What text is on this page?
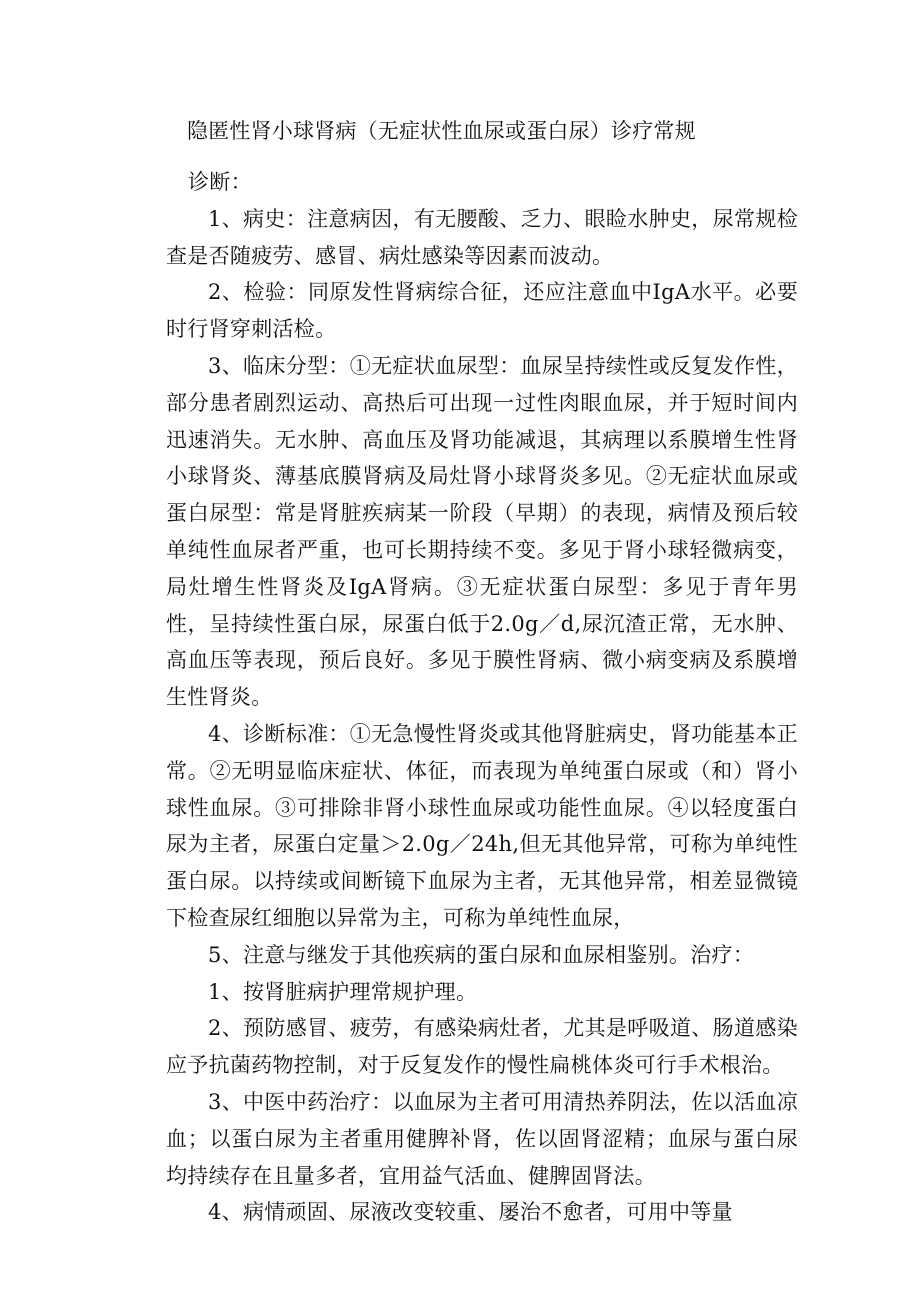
隐匿性肾小球肾病（无症状性血尿或蛋白尿）诊疗常规

诊断：

1、病史：注意病因，有无腰酸、乏力、眼睑水肿史，尿常规检查是否随疲劳、感冒、病灶感染等因素而波动。

2、检验：同原发性肾病综合征，还应注意血中IgA水平。必要时行肾穿刺活检。

3、临床分型：①无症状血尿型：血尿呈持续性或反复发作性，部分患者剧烈运动、高热后可出现一过性肉眼血尿，并于短时间内迅速消失。无水肿、高血压及肾功能减退，其病理以系膜增生性肾小球肾炎、薄基底膜肾病及局灶肾小球肾炎多见。②无症状血尿或蛋白尿型：常是肾脏疾病某一阶段（早期）的表现，病情及预后较单纯性血尿者严重，也可长期持续不变。多见于肾小球轻微病变，局灶增生性肾炎及IgA肾病。③无症状蛋白尿型：多见于青年男性，呈持续性蛋白尿，尿蛋白低于2.0g／d,尿沉渣正常，无水肿、高血压等表现，预后良好。多见于膜性肾病、微小病变病及系膜增生性肾炎。

4、诊断标准：①无急慢性肾炎或其他肾脏病史，肾功能基本正常。②无明显临床症状、体征，而表现为单纯蛋白尿或（和）肾小球性血尿。③可排除非肾小球性血尿或功能性血尿。④以轻度蛋白尿为主者，尿蛋白定量＞2.0g／24h,但无其他异常，可称为单纯性蛋白尿。以持续或间断镜下血尿为主者，无其他异常，相差显微镜下检查尿红细胞以异常为主，可称为单纯性血尿，

5、注意与继发于其他疾病的蛋白尿和血尿相鉴别。治疗：

1、按肾脏病护理常规护理。

2、预防感冒、疲劳，有感染病灶者，尤其是呼吸道、肠道感染应予抗菌药物控制，对于反复发作的慢性扁桃体炎可行手术根治。

3、中医中药治疗：以血尿为主者可用清热养阴法，佐以活血凉血；以蛋白尿为主者重用健脾补肾，佐以固肾涩精；血尿与蛋白尿均持续存在且量多者，宜用益气活血、健脾固肾法。

4、病情顽固、尿液改变较重、屡治不愈者，可用中等量
